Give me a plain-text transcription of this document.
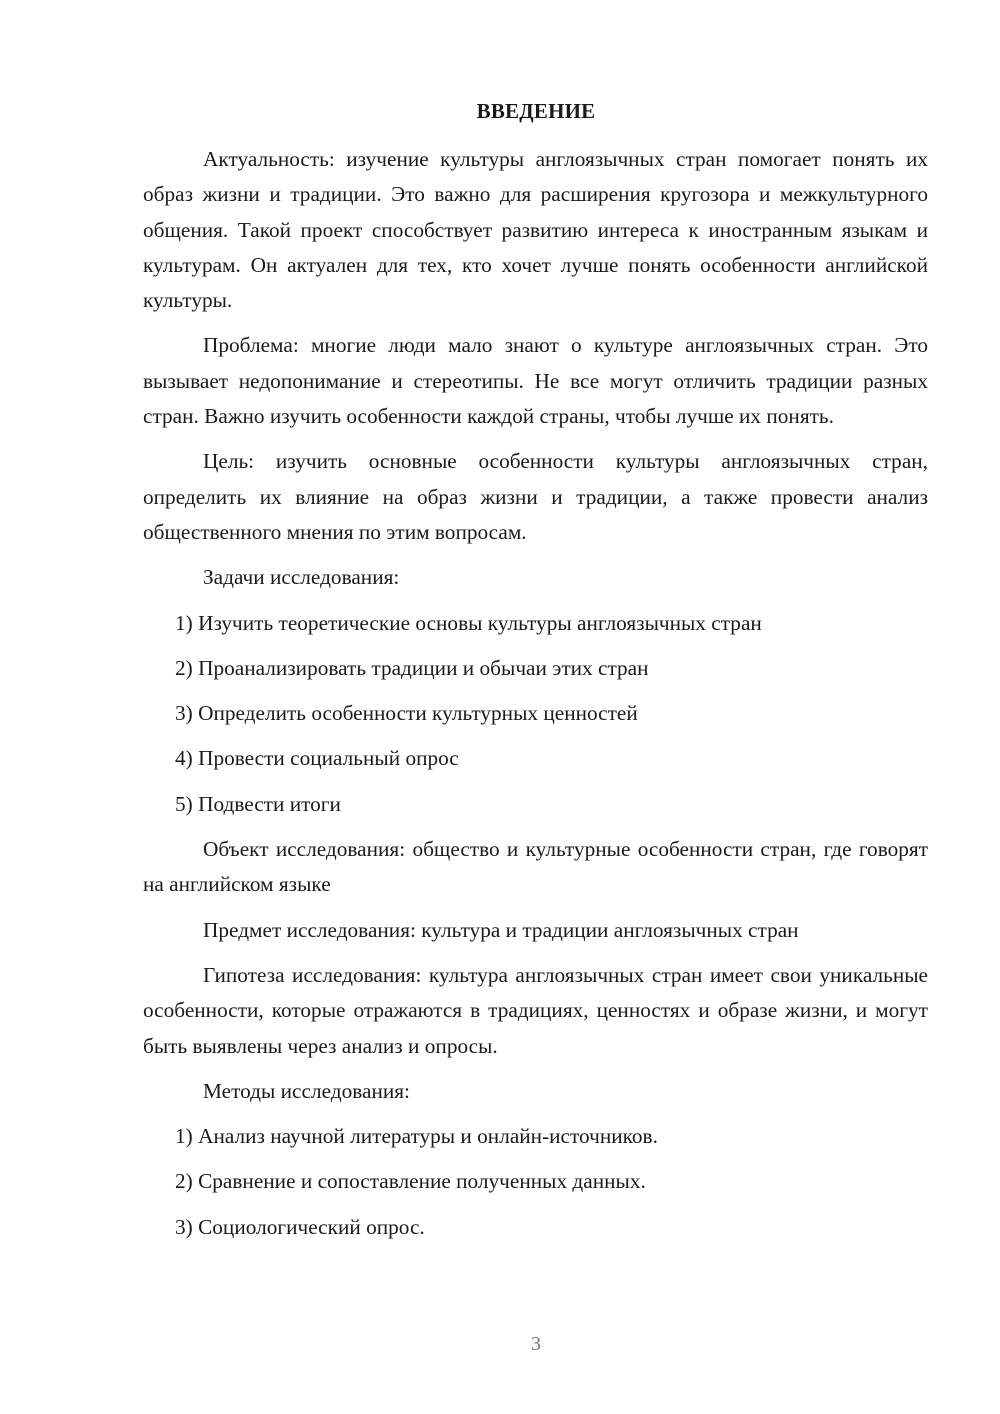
ВВЕДЕНИЕ

Актуальность: изучение культуры англоязычных стран помогает понять их образ жизни и традиции. Это важно для расширения кругозора и межкультурного общения. Такой проект способствует развитию интереса к иностранным языкам и культурам. Он актуален для тех, кто хочет лучше понять особенности английской культуры.

Проблема: многие люди мало знают о культуре англоязычных стран. Это вызывает недопонимание и стереотипы. Не все могут отличить традиции разных стран. Важно изучить особенности каждой страны, чтобы лучше их понять.

Цель: изучить основные особенности культуры англоязычных стран, определить их влияние на образ жизни и традиции, а также провести анализ общественного мнения по этим вопросам.

Задачи исследования:

1) Изучить теоретические основы культуры англоязычных стран

2) Проанализировать традиции и обычаи этих стран

3) Определить особенности культурных ценностей

4) Провести социальный опрос

5) Подвести итоги

Объект исследования: общество и культурные особенности стран, где говорят на английском языке

Предмет исследования: культура и традиции англоязычных стран

Гипотеза исследования: культура англоязычных стран имеет свои уникальные особенности, которые отражаются в традициях, ценностях и образе жизни, и могут быть выявлены через анализ и опросы.

Методы исследования:

1) Анализ научной литературы и онлайн-источников.

2) Сравнение и сопоставление полученных данных.

3) Социологический опрос.

3
